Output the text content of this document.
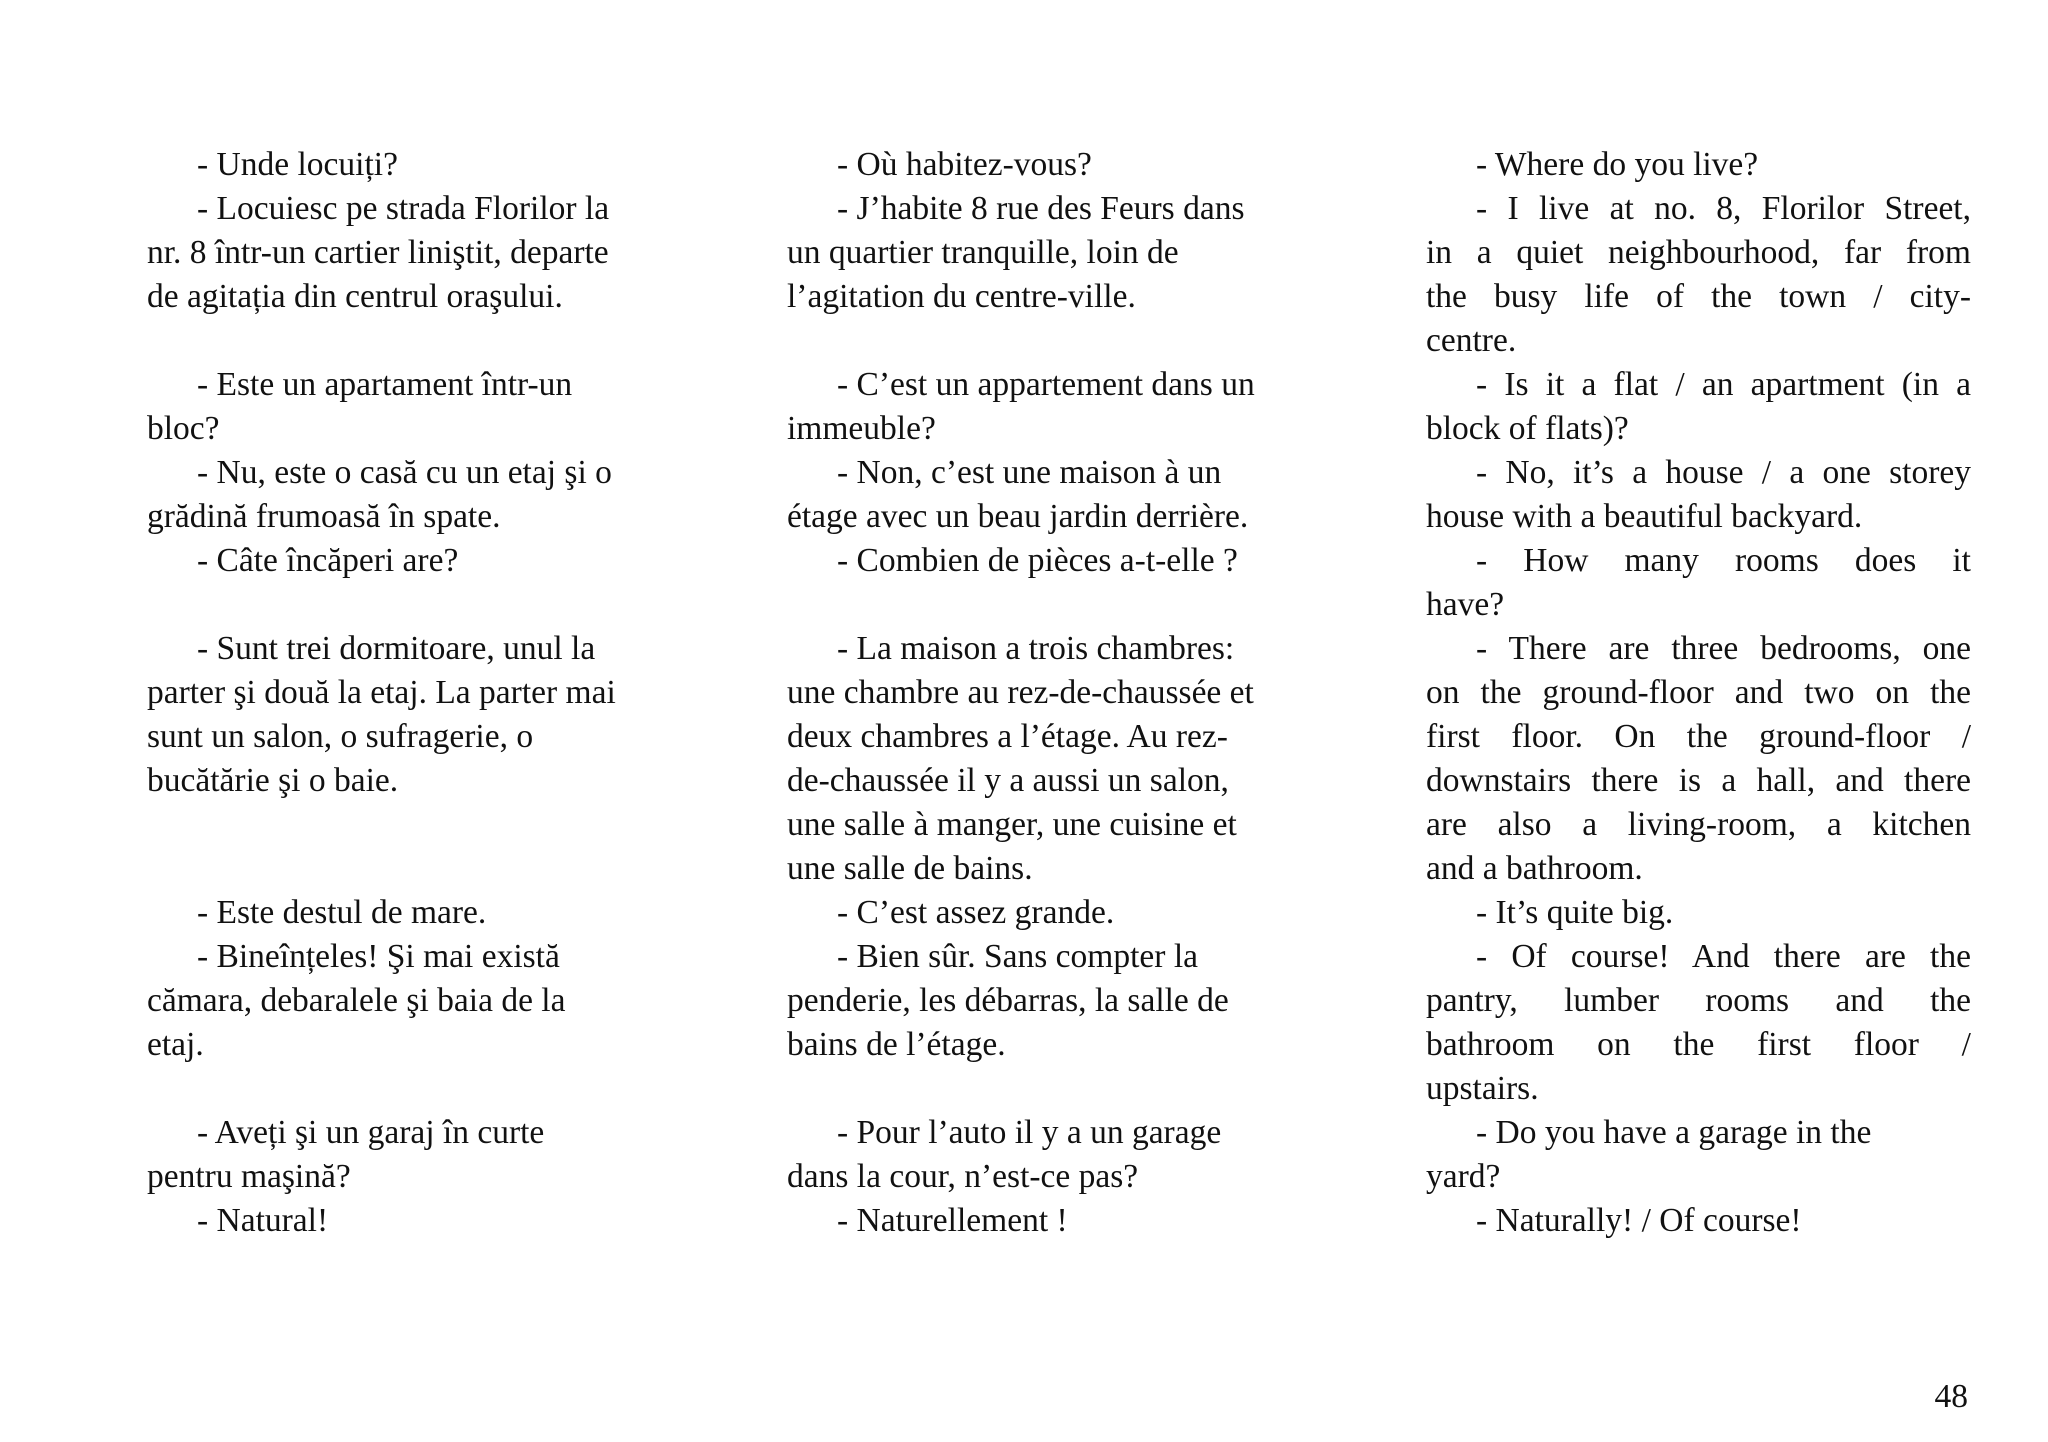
- Unde locuiți?
- Locuiesc pe strada Florilor la
nr. 8 într-un cartier liniştit, departe
de agitația din centrul oraşului.
- Este un apartament într-un
bloc?
- Nu, este o casă cu un etaj şi o
grădină frumoasă în spate.
- Câte încăperi are?
- Sunt trei dormitoare, unul la
parter şi două la etaj. La parter mai
sunt un salon, o sufragerie, o
bucătărie şi o baie.
- Este destul de mare.
- Bineînțeles! Şi mai există
cămara, debaralele şi baia de la
etaj.
- Aveți şi un garaj în curte
pentru maşină?
- Natural!
- Où habitez-vous?
- J’habite 8 rue des Feurs dans
un quartier tranquille, loin de
l’agitation du centre-ville.
- C’est un appartement dans un
immeuble?
- Non, c’est une maison à un
étage avec un beau jardin derrière.
- Combien de pièces a-t-elle ?
- La maison a trois chambres:
une chambre au rez-de-chaussée et
deux chambres a l’étage. Au rez-
de-chaussée il y a aussi un salon,
une salle à manger, une cuisine et
une salle de bains.
- C’est assez grande.
- Bien sûr. Sans compter la
penderie, les débarras, la salle de
bains de l’étage.
- Pour l’auto il y a un garage
dans la cour, n’est-ce pas?
- Naturellement !
- Where do you live?
- I live at no. 8, Florilor Street,
in a quiet neighbourhood, far from
the busy life of the town / city-
centre.
- Is it a flat / an apartment (in a
block of flats)?
- No, it’s a house / a one storey
house with a beautiful backyard.
- How many rooms does it
have?
- There are three bedrooms, one
on the ground-floor and two on the
first floor. On the ground-floor /
downstairs there is a hall, and there
are also a living-room, a kitchen
and a bathroom.
- It’s quite big.
- Of course! And there are the
pantry, lumber rooms and the
bathroom on the first floor /
upstairs.
- Do you have a garage in the
yard?
- Naturally! / Of course!
48
